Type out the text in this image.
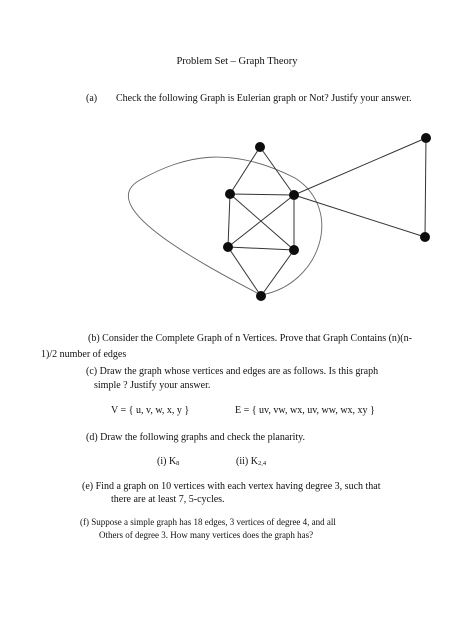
Problem Set – Graph Theory
(a) Check the following Graph is Eulerian graph or Not? Justify your answer.
(b) Consider the Complete Graph of n Vertices. Prove that Graph Contains (n)(n-
1)/2 number of edges
(c) Draw the graph whose vertices and edges are as follows. Is this graph
simple ? Justify your answer.
V = { u, v, w, x, y }	E = { uv, vw, wx, uv, ww, wx, xy }
(d) Draw the following graphs and check the planarity.
(i) $K_8$	(ii) $K_{2,4}$
(e) Find a graph on 10 vertices with each vertex having degree 3, such that
there are at least 7, 5-cycles.
(f) Suppose a simple graph has 18 edges, 3 vertices of degree 4, and all
Others of degree 3. How many vertices does the graph has?
